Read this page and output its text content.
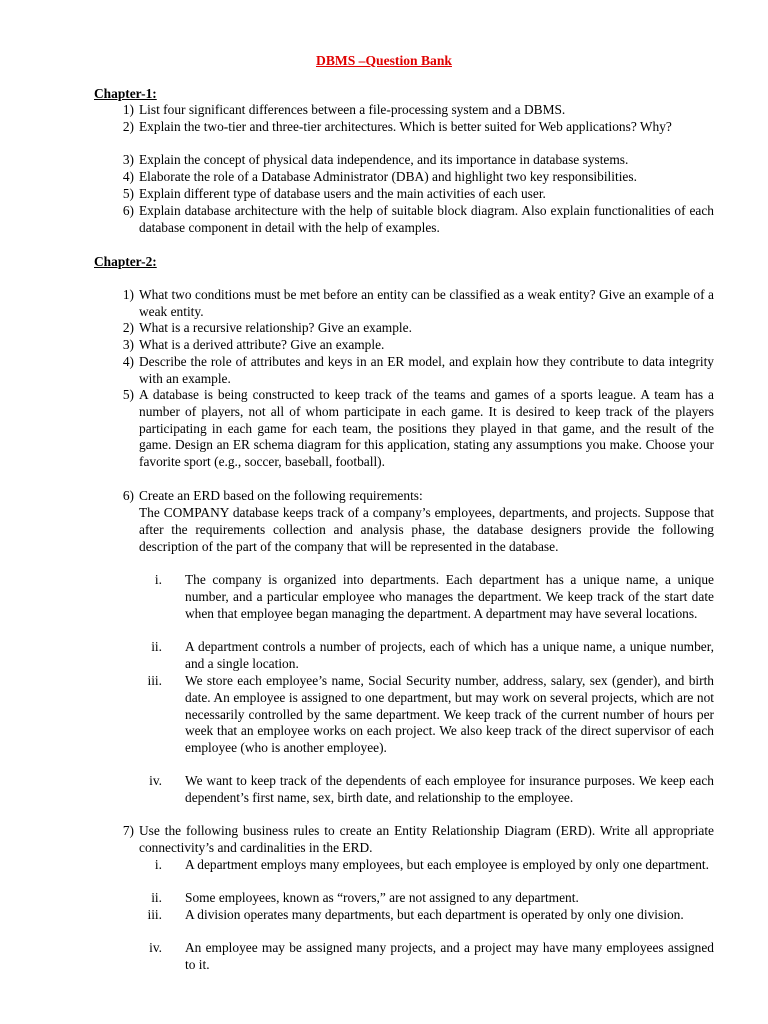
DBMS –Question Bank
Chapter-1:
1) List four significant differences between a file-processing system and a DBMS.
2) Explain the two-tier and three-tier architectures. Which is better suited for Web applications? Why?
3) Explain the concept of physical data independence, and its importance in database systems.
4) Elaborate the role of a Database Administrator (DBA) and highlight two key responsibilities.
5) Explain different type of database users and the main activities of each user.
6) Explain database architecture with the help of suitable block diagram. Also explain functionalities of each database component in detail with the help of examples.
Chapter-2:
1) What two conditions must be met before an entity can be classified as a weak entity? Give an example of a weak entity.
2) What is a recursive relationship? Give an example.
3) What is a derived attribute? Give an example.
4) Describe the role of attributes and keys in an ER model, and explain how they contribute to data integrity with an example.
5) A database is being constructed to keep track of the teams and games of a sports league. A team has a number of players, not all of whom participate in each game. It is desired to keep track of the players participating in each game for each team, the positions they played in that game, and the result of the game. Design an ER schema diagram for this application, stating any assumptions you make. Choose your favorite sport (e.g., soccer, baseball, football).
6) Create an ERD based on the following requirements:
The COMPANY database keeps track of a company’s employees, departments, and projects. Suppose that after the requirements collection and analysis phase, the database designers provide the following description of the part of the company that will be represented in the database.
i. The company is organized into departments. Each department has a unique name, a unique number, and a particular employee who manages the department. We keep track of the start date when that employee began managing the department. A department may have several locations.
ii. A department controls a number of projects, each of which has a unique name, a unique number, and a single location.
iii. We store each employee’s name, Social Security number, address, salary, sex (gender), and birth date. An employee is assigned to one department, but may work on several projects, which are not necessarily controlled by the same department. We keep track of the current number of hours per week that an employee works on each project. We also keep track of the direct supervisor of each employee (who is another employee).
iv. We want to keep track of the dependents of each employee for insurance purposes. We keep each dependent’s first name, sex, birth date, and relationship to the employee.
7) Use the following business rules to create an Entity Relationship Diagram (ERD). Write all appropriate connectivity’s and cardinalities in the ERD.
i. A department employs many employees, but each employee is employed by only one department.
ii. Some employees, known as “rovers,” are not assigned to any department.
iii. A division operates many departments, but each department is operated by only one division.
iv. An employee may be assigned many projects, and a project may have many employees assigned to it.
